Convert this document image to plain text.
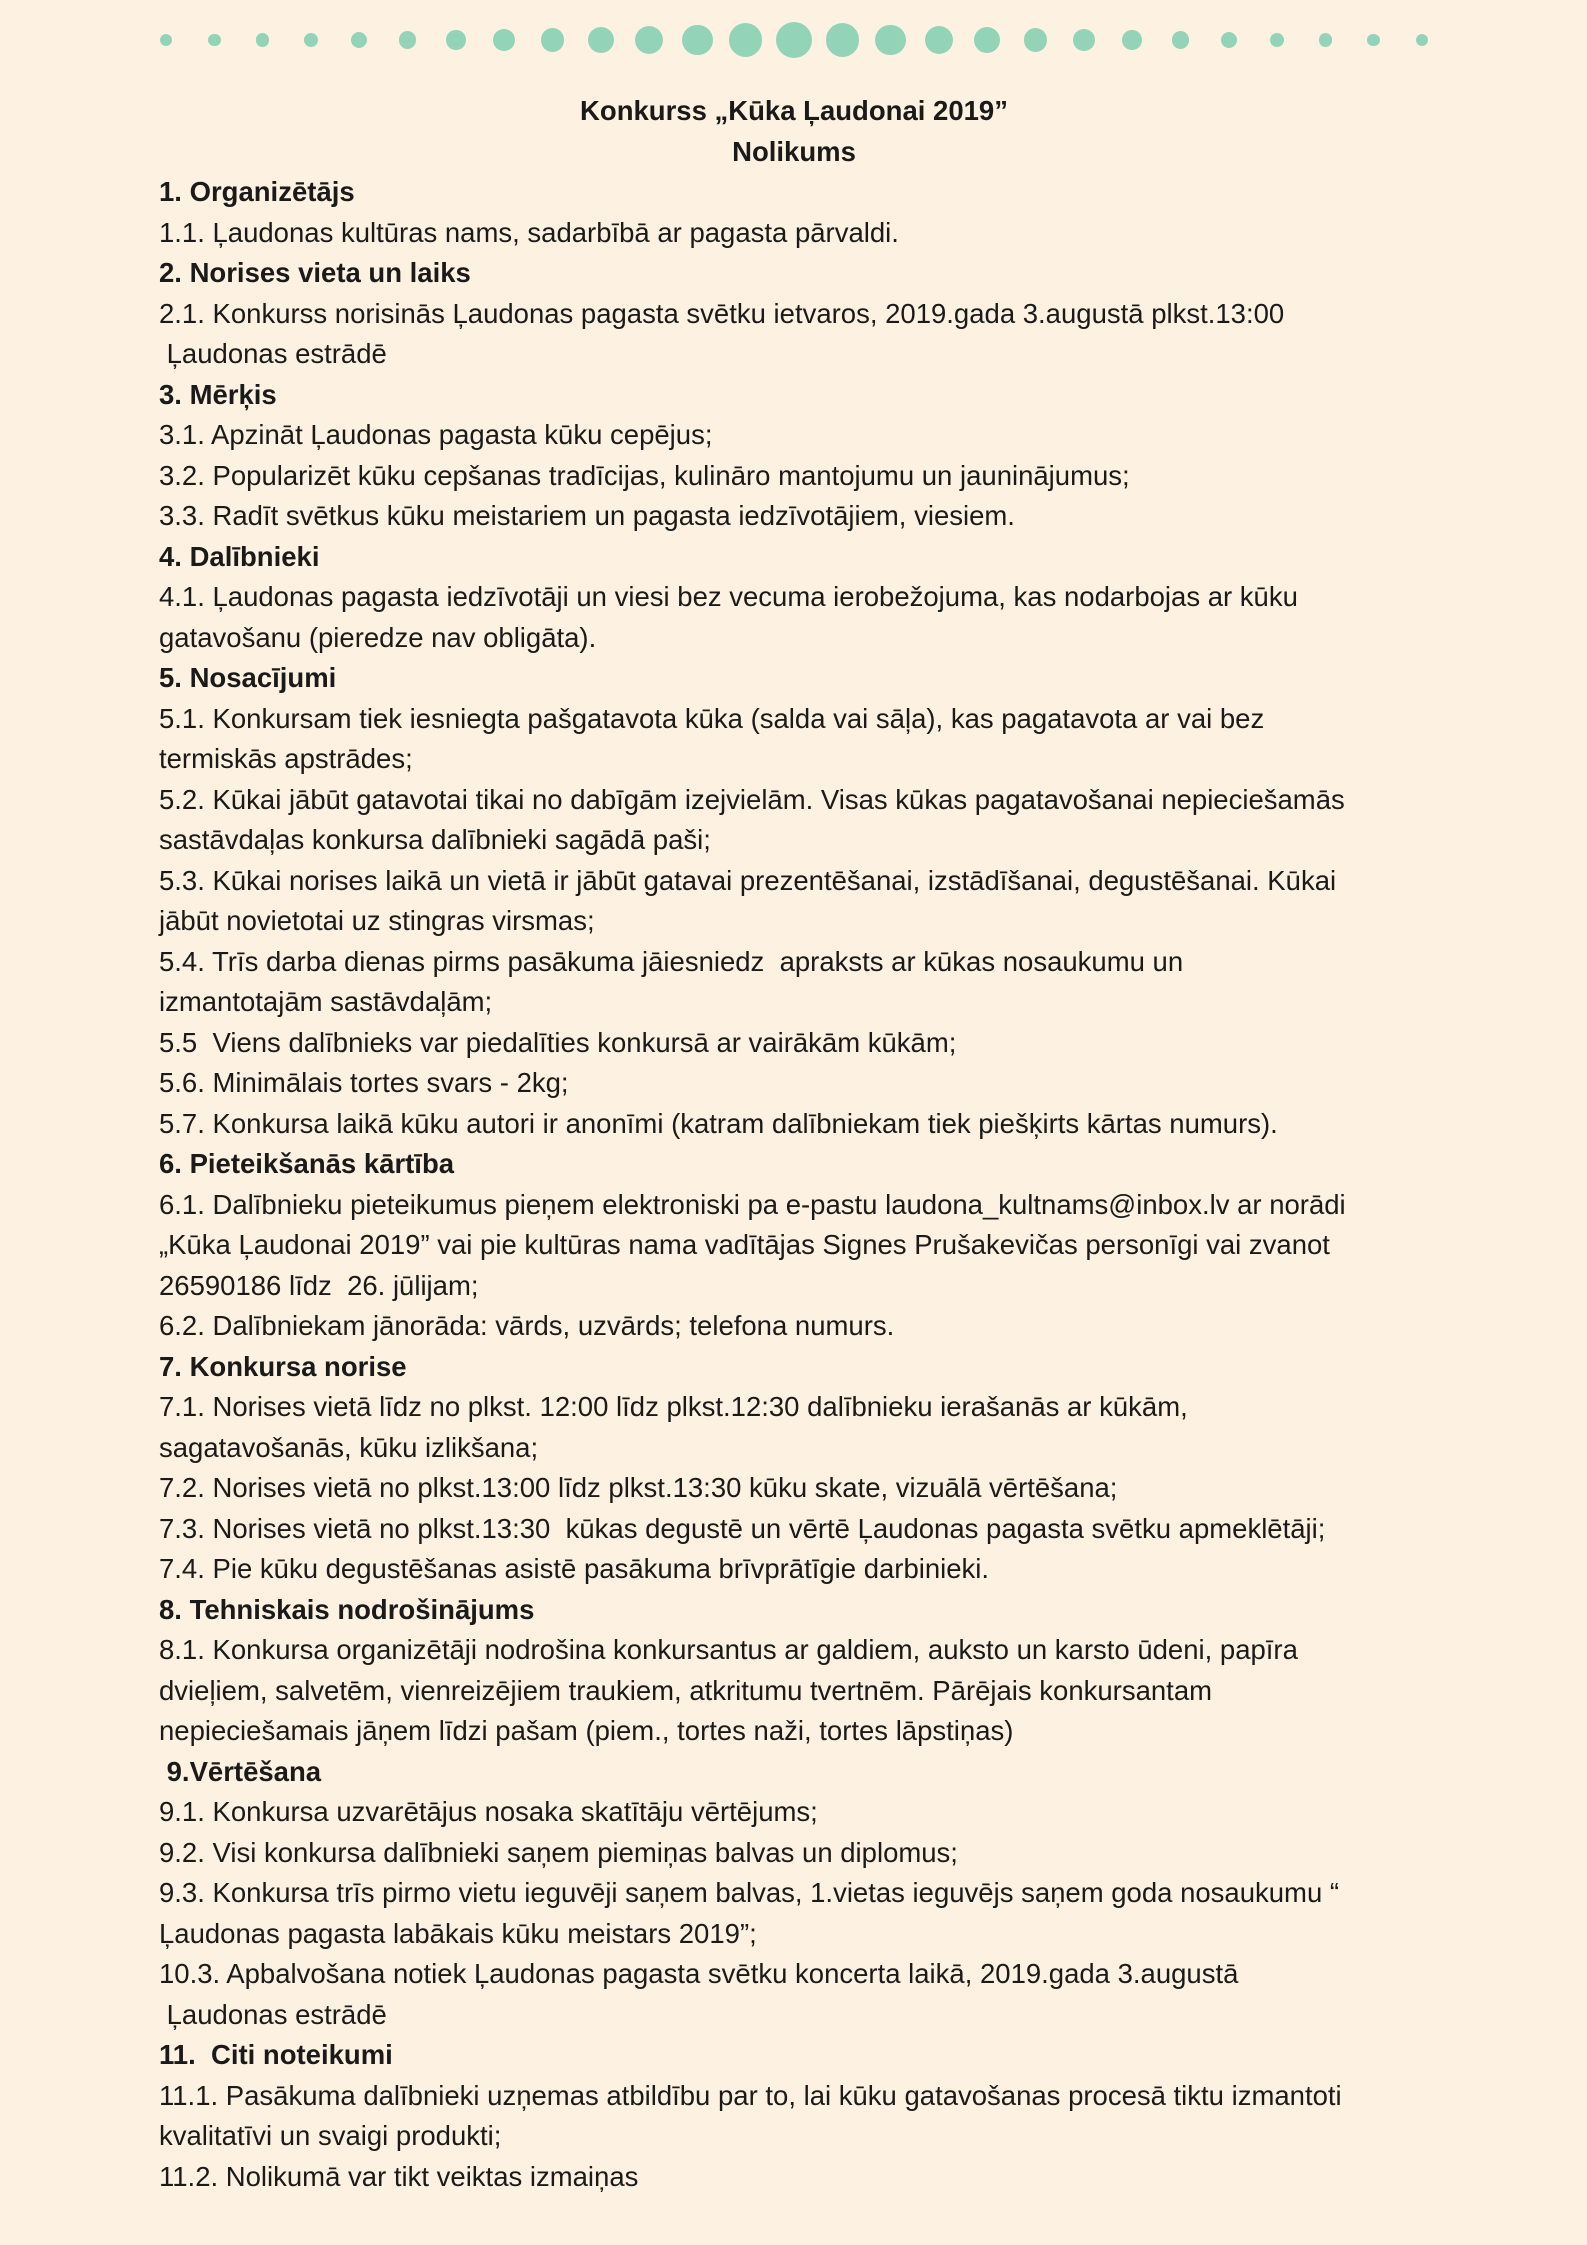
Konkurss „Kūka Ļaudonai 2019”
Nolikums
1. Organizētājs
1.1. Ļaudonas kultūras nams, sadarbībā ar pagasta pārvaldi.
2. Norises vieta un laiks
2.1. Konkurss norisinās Ļaudonas pagasta svētku ietvaros, 2019.gada 3.augustā plkst.13:00
Ļaudonas estrādē
3. Mērķis
3.1. Apzināt Ļaudonas pagasta kūku cepējus;
3.2. Popularizēt kūku cepšanas tradīcijas, kulināro mantojumu un jauninājumus;
3.3. Radīt svētkus kūku meistariem un pagasta iedzīvotājiem, viesiem.
4. Dalībnieki
4.1. Ļaudonas pagasta iedzīvotāji un viesi bez vecuma ierobežojuma, kas nodarbojas ar kūku
gatavošanu (pieredze nav obligāta).
5. Nosacījumi
5.1. Konkursam tiek iesniegta pašgatavota kūka (salda vai sāļa), kas pagatavota ar vai bez
termiskās apstrādes;
5.2. Kūkai jābūt gatavotai tikai no dabīgām izejvielām. Visas kūkas pagatavošanai nepieciešamās
sastāvdaļas konkursa dalībnieki sagādā paši;
5.3. Kūkai norises laikā un vietā ir jābūt gatavai prezentēšanai, izstādīšanai, degustēšanai. Kūkai
jābūt novietotai uz stingras virsmas;
5.4. Trīs darba dienas pirms pasākuma jāiesniedz  apraksts ar kūkas nosaukumu un
izmantotajām sastāvdaļām;
5.5  Viens dalībnieks var piedalīties konkursā ar vairākām kūkām;
5.6. Minimālais tortes svars - 2kg;
5.7. Konkursa laikā kūku autori ir anonīmi (katram dalībniekam tiek piešķirts kārtas numurs).
6. Pieteikšanās kārtība
6.1. Dalībnieku pieteikumus pieņem elektroniski pa e-pastu laudona_kultnams@inbox.lv ar norādi
„Kūka Ļaudonai 2019” vai pie kultūras nama vadītājas Signes Prušakevičas personīgi vai zvanot
26590186 līdz  26. jūlijam;
6.2. Dalībniekam jānorāda: vārds, uzvārds; telefona numurs.
7. Konkursa norise
7.1. Norises vietā līdz no plkst. 12:00 līdz plkst.12:30 dalībnieku ierašanās ar kūkām,
sagatavošanās, kūku izlikšana;
7.2. Norises vietā no plkst.13:00 līdz plkst.13:30 kūku skate, vizuālā vērtēšana;
7.3. Norises vietā no plkst.13:30  kūkas degustē un vērtē Ļaudonas pagasta svētku apmeklētāji;
7.4. Pie kūku degustēšanas asistē pasākuma brīvprātīgie darbinieki.
8. Tehniskais nodrošinājums
8.1. Konkursa organizētāji nodrošina konkursantus ar galdiem, auksto un karsto ūdeni, papīra
dvieļiem, salvetēm, vienreizējiem traukiem, atkritumu tvertnēm. Pārējais konkursantam
nepieciešamais jāņem līdzi pašam (piem., tortes naži, tortes lāpstiņas)
9.Vērtēšana
9.1. Konkursa uzvarētājus nosaka skatītāju vērtējums;
9.2. Visi konkursa dalībnieki saņem piemiņas balvas un diplomus;
9.3. Konkursa trīs pirmo vietu ieguvēji saņem balvas, 1.vietas ieguvējs saņem goda nosaukumu “
Ļaudonas pagasta labākais kūku meistars 2019”;
10.3. Apbalvošana notiek Ļaudonas pagasta svētku koncerta laikā, 2019.gada 3.augustā
Ļaudonas estrādē
11.  Citi noteikumi
11.1. Pasākuma dalībnieki uzņemas atbildību par to, lai kūku gatavošanas procesā tiktu izmantoti
kvalitatīvi un svaigi produkti;
11.2. Nolikumā var tikt veiktas izmaiņas
